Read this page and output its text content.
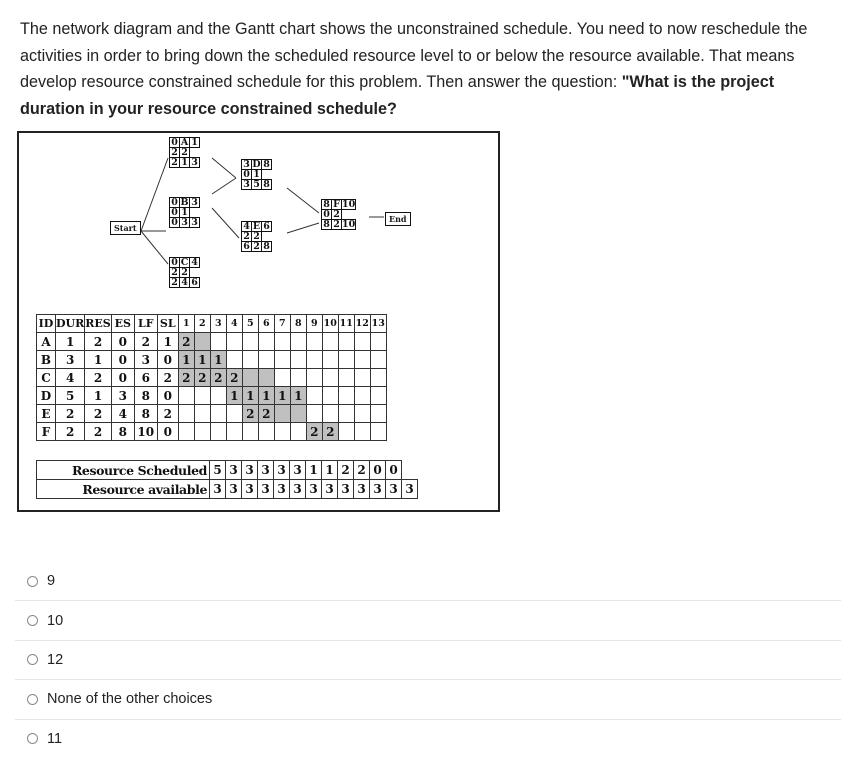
The network diagram and the Gantt chart shows the unconstrained schedule. You need to now reschedule the activities in order to bring down the scheduled resource level to or below the resource available. That means develop resource constrained schedule for this problem. Then answer the question: "What is the project duration in your resource constrained schedule?
Start
End
0 A 1
2 2
2 1 3
0 B 3
0 1
0 3 3
0 C 4
2 2
2 4 6
3 D 8
0 1
3 5 8
4 E 6
2 2
6 2 8
8 F 10
0 2
8 2 10
ID	DUR	RES	ES	LF	SL	1	2	3	4	5	6	7	8	9	10	11	12	13
A	1	2	0	2	1	2												
B	3	1	0	3	0	1	1	1										
C	4	2	0	6	2	2	2	2	2									
D	5	1	3	8	0				1	1	1	1	1					
E	2	2	4	8	2					2	2							
F	2	2	8	10	0									2	2			
Resource Scheduled	5	3	3	3	3	3	1	1	2	2	0	0	
Resource available	3	3	3	3	3	3	3	3	3	3	3	3	3
9
10
12
None of the other choices
11
